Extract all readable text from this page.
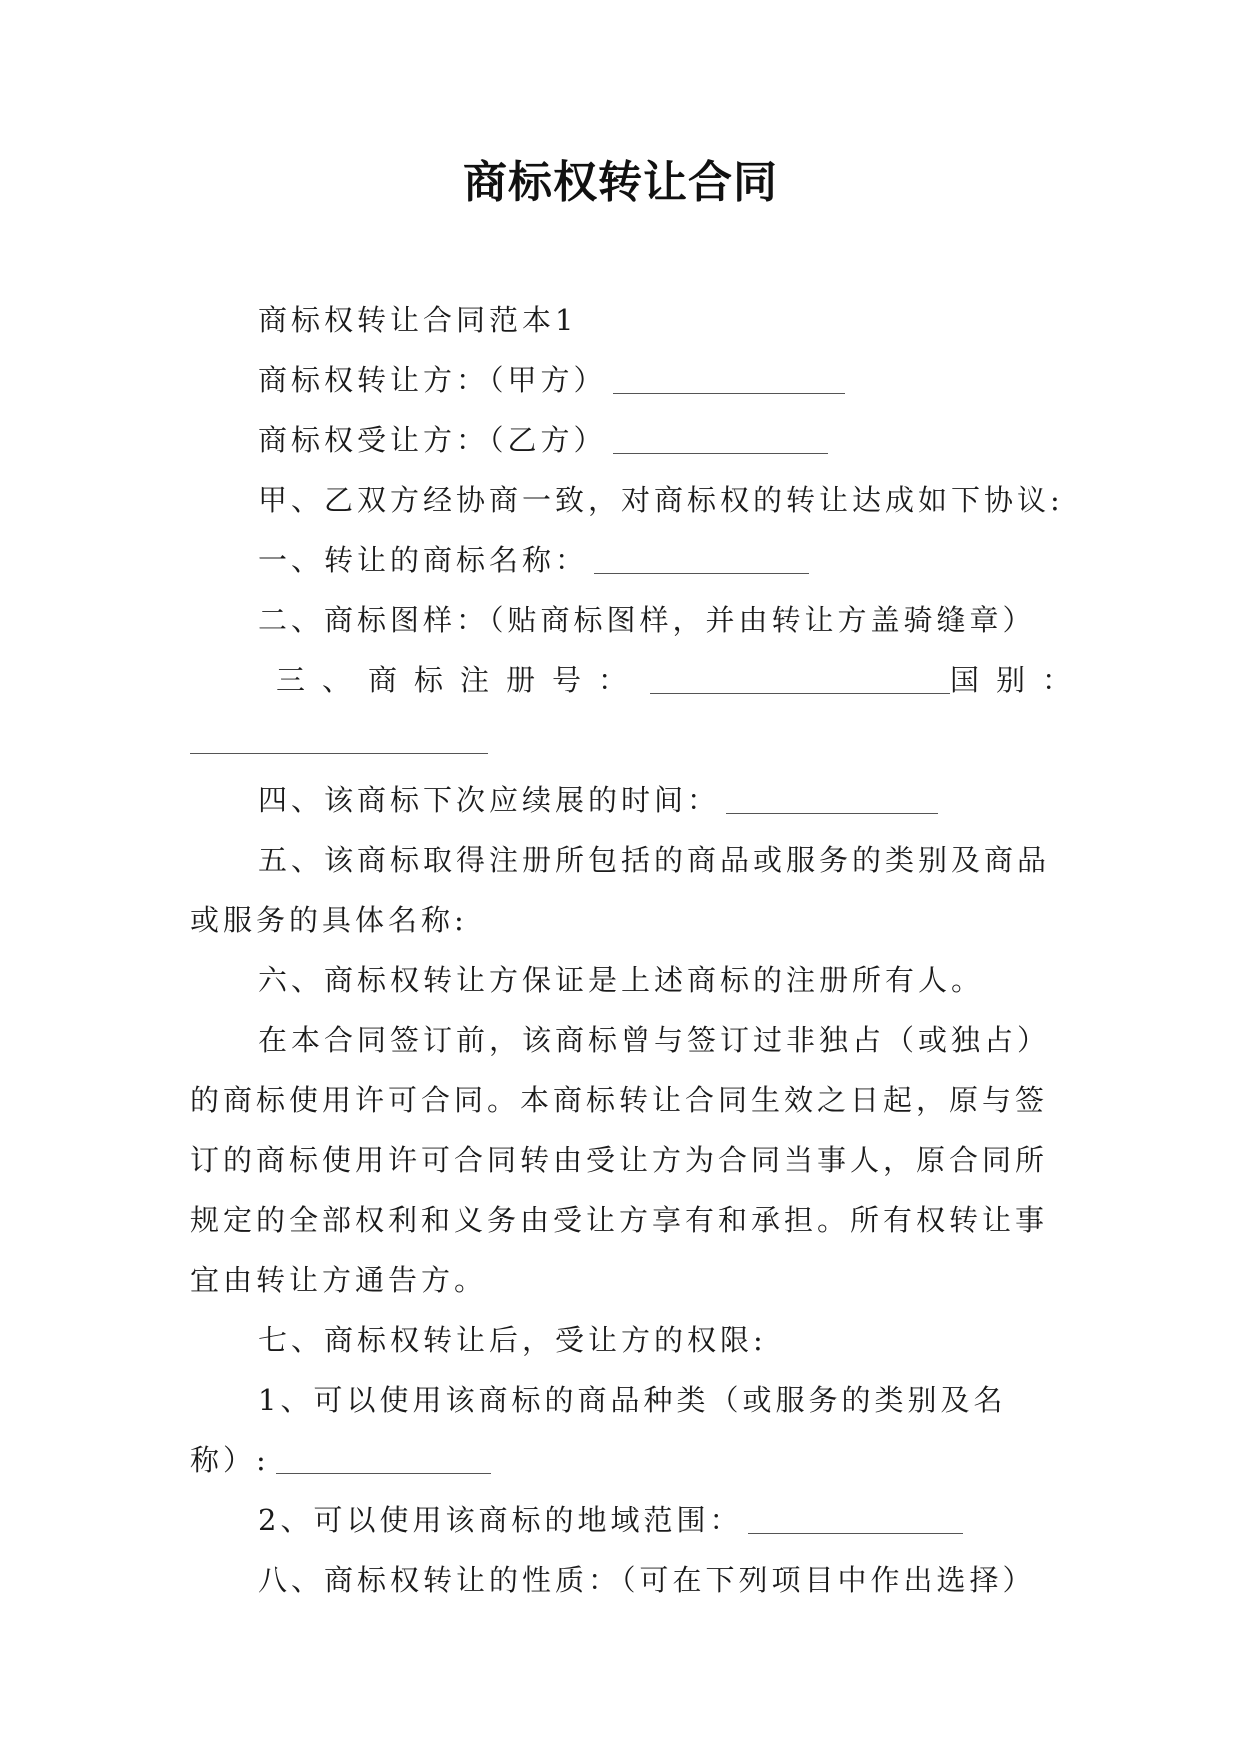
商标权转让合同

商标权转让合同范本1

商标权转让方：（甲方）

商标权受让方：（乙方）

甲、乙双方经协商一致，对商标权的转让达成如下协议:

一、转让的商标名称：

二、商标图样：（贴商标图样，并由转让方盖骑缝章）

三、商标注册号：	国别：

四、该商标下次应续展的时间：

五、该商标取得注册所包括的商品或服务的类别及商品或服务的具体名称:

六、商标权转让方保证是上述商标的注册所有人。

在本合同签订前，该商标曾与签订过非独占（或独占）的商标使用许可合同。本商标转让合同生效之日起，原与签订的商标使用许可合同转由受让方为合同当事人，原合同所规定的全部权利和义务由受让方享有和承担。所有权转让事宜由转让方通告方。

七、商标权转让后，受让方的权限:

1、可以使用该商标的商品种类（或服务的类别及名称）:

2、可以使用该商标的地域范围：

八、商标权转让的性质：（可在下列项目中作出选择）
